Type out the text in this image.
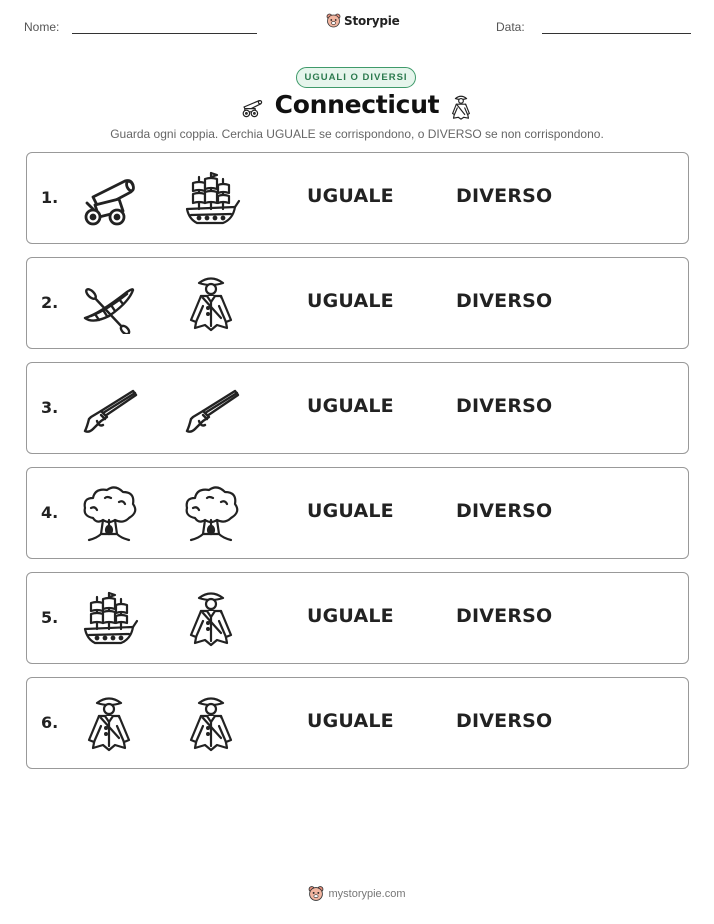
Nome:	Storypie	Data:
UGUALI O DIVERSI
Connecticut
Guarda ogni coppia. Cerchia UGUALE se corrispondono, o DIVERSO se non corrispondono.
1.	UGUALE	DIVERSO
2.	UGUALE	DIVERSO
3.	UGUALE	DIVERSO
4.	UGUALE	DIVERSO
5.	UGUALE	DIVERSO
6.	UGUALE	DIVERSO
mystorypie.com
